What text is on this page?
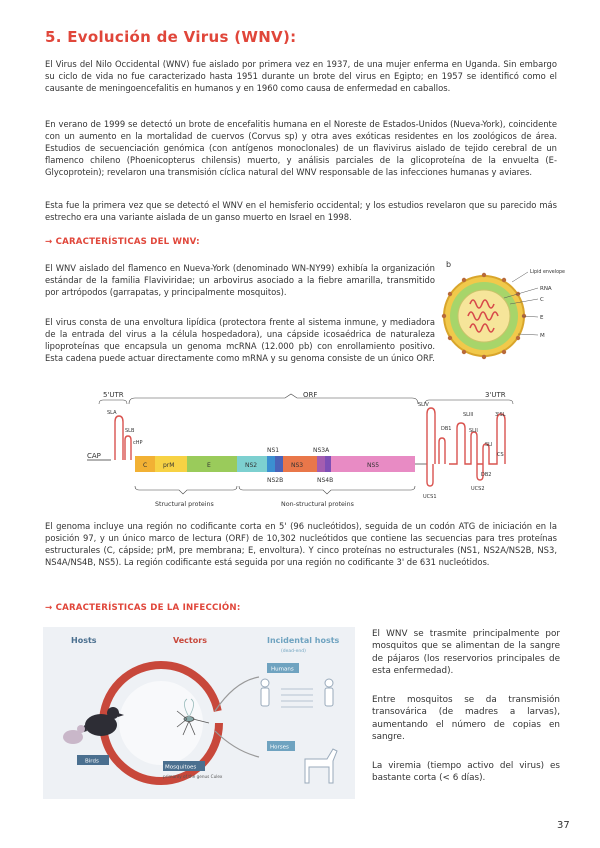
5. Evolución de Virus (WNV):

El Virus del Nilo Occidental (WNV) fue aislado por primera vez en 1937, de una mujer enferma en Uganda. Sin embargo su ciclo de vida no fue caracterizado hasta 1951 durante un brote del virus en Egipto; en 1957 se identificó como el causante de meningoencefalitis en humanos y en 1960 como causa de enfermedad en caballos.

En verano de 1999 se detectó un brote de encefalitis humana en el Noreste de Estados-Unidos (Nueva-York), coincidente con un aumento en la mortalidad de cuervos (Corvus sp) y otra aves exóticas residentes en los zoológicos de área. Estudios de secuenciación genómica (con antígenos monoclonales) de un flavivirus aislado de tejido cerebral de un flamenco chileno (Phoenicopterus chilensis) muerto, y análisis parciales de la glicoproteína de la envuelta (E-Glycoprotein); revelaron una transmisión cíclica natural del WNV responsable de las infecciones humanas y aviares.

Esta fue la primera vez que se detectó el WNV en el hemisferio occidental; y los estudios revelaron que su parecido más estrecho era una variante aislada de un ganso muerto en Israel en 1998.

→ CARACTERÍSTICAS DEL WNV:

El WNV aislado del flamenco en Nueva-York (denominado WN-NY99) exhibía la organización estándar de la familia Flaviviridae; un arbovirus asociado a la fiebre amarilla, transmitido por artrópodos (garrapatas, y principalmente mosquitos).

El virus consta de una envoltura lipídica (protectora frente al sistema inmune, y mediadora de la entrada del virus a la célula hospedadora), una cápside icosaédrica de naturaleza lipoproteínas que encapsula un genoma mcRNA (12.000 pb) con enrollamiento positivo. Esta cadena puede actuar directamente como mRNA y su genoma consiste de un único ORF.

b
Lipid envelope
RNA
C
E
M
5'UTR	ORF	3'UTR
CAP
SLA
SLB
cHP
C	prM	E	NS2	NS3	NS5
NS1	NS3A
NS2B	NS4B
Structural proteins	Non-structural proteins
SLIV
DB1
SLIII
SLII
SLI
3'SL
CS
DB2
UCS1
UCS2

El genoma incluye una región no codificante corta en 5' (96 nucleótidos), seguida de un codón ATG de iniciación en la posición 97, y un único marco de lectura (ORF) de 10,302 nucleótidos que contiene las secuencias para tres proteínas estructurales (C, cápside; prM, pre membrana; E, envoltura). Y cinco proteínas no estructurales (NS1, NS2A/NS2B, NS3, NS4A/NS4B, NS5). La región codificante está seguida por una región no codificante 3' de 631 nucleótidos.

→ CARACTERÍSTICAS DE LA INFECCIÓN:
Hosts	Vectors	Incidental hosts
(dead-end)
Birds
Mosquitoes
primarily of the genus Culex
Humans
Horses

El WNV se trasmite principalmente por mosquitos que se alimentan de la sangre de pájaros (los reservorios principales de esta enfermedad).

Entre mosquitos se da transmisión transovárica (de madres a larvas), aumentando el número de copias en sangre.

La viremia (tiempo activo del virus) es bastante corta (< 6 días).

37
